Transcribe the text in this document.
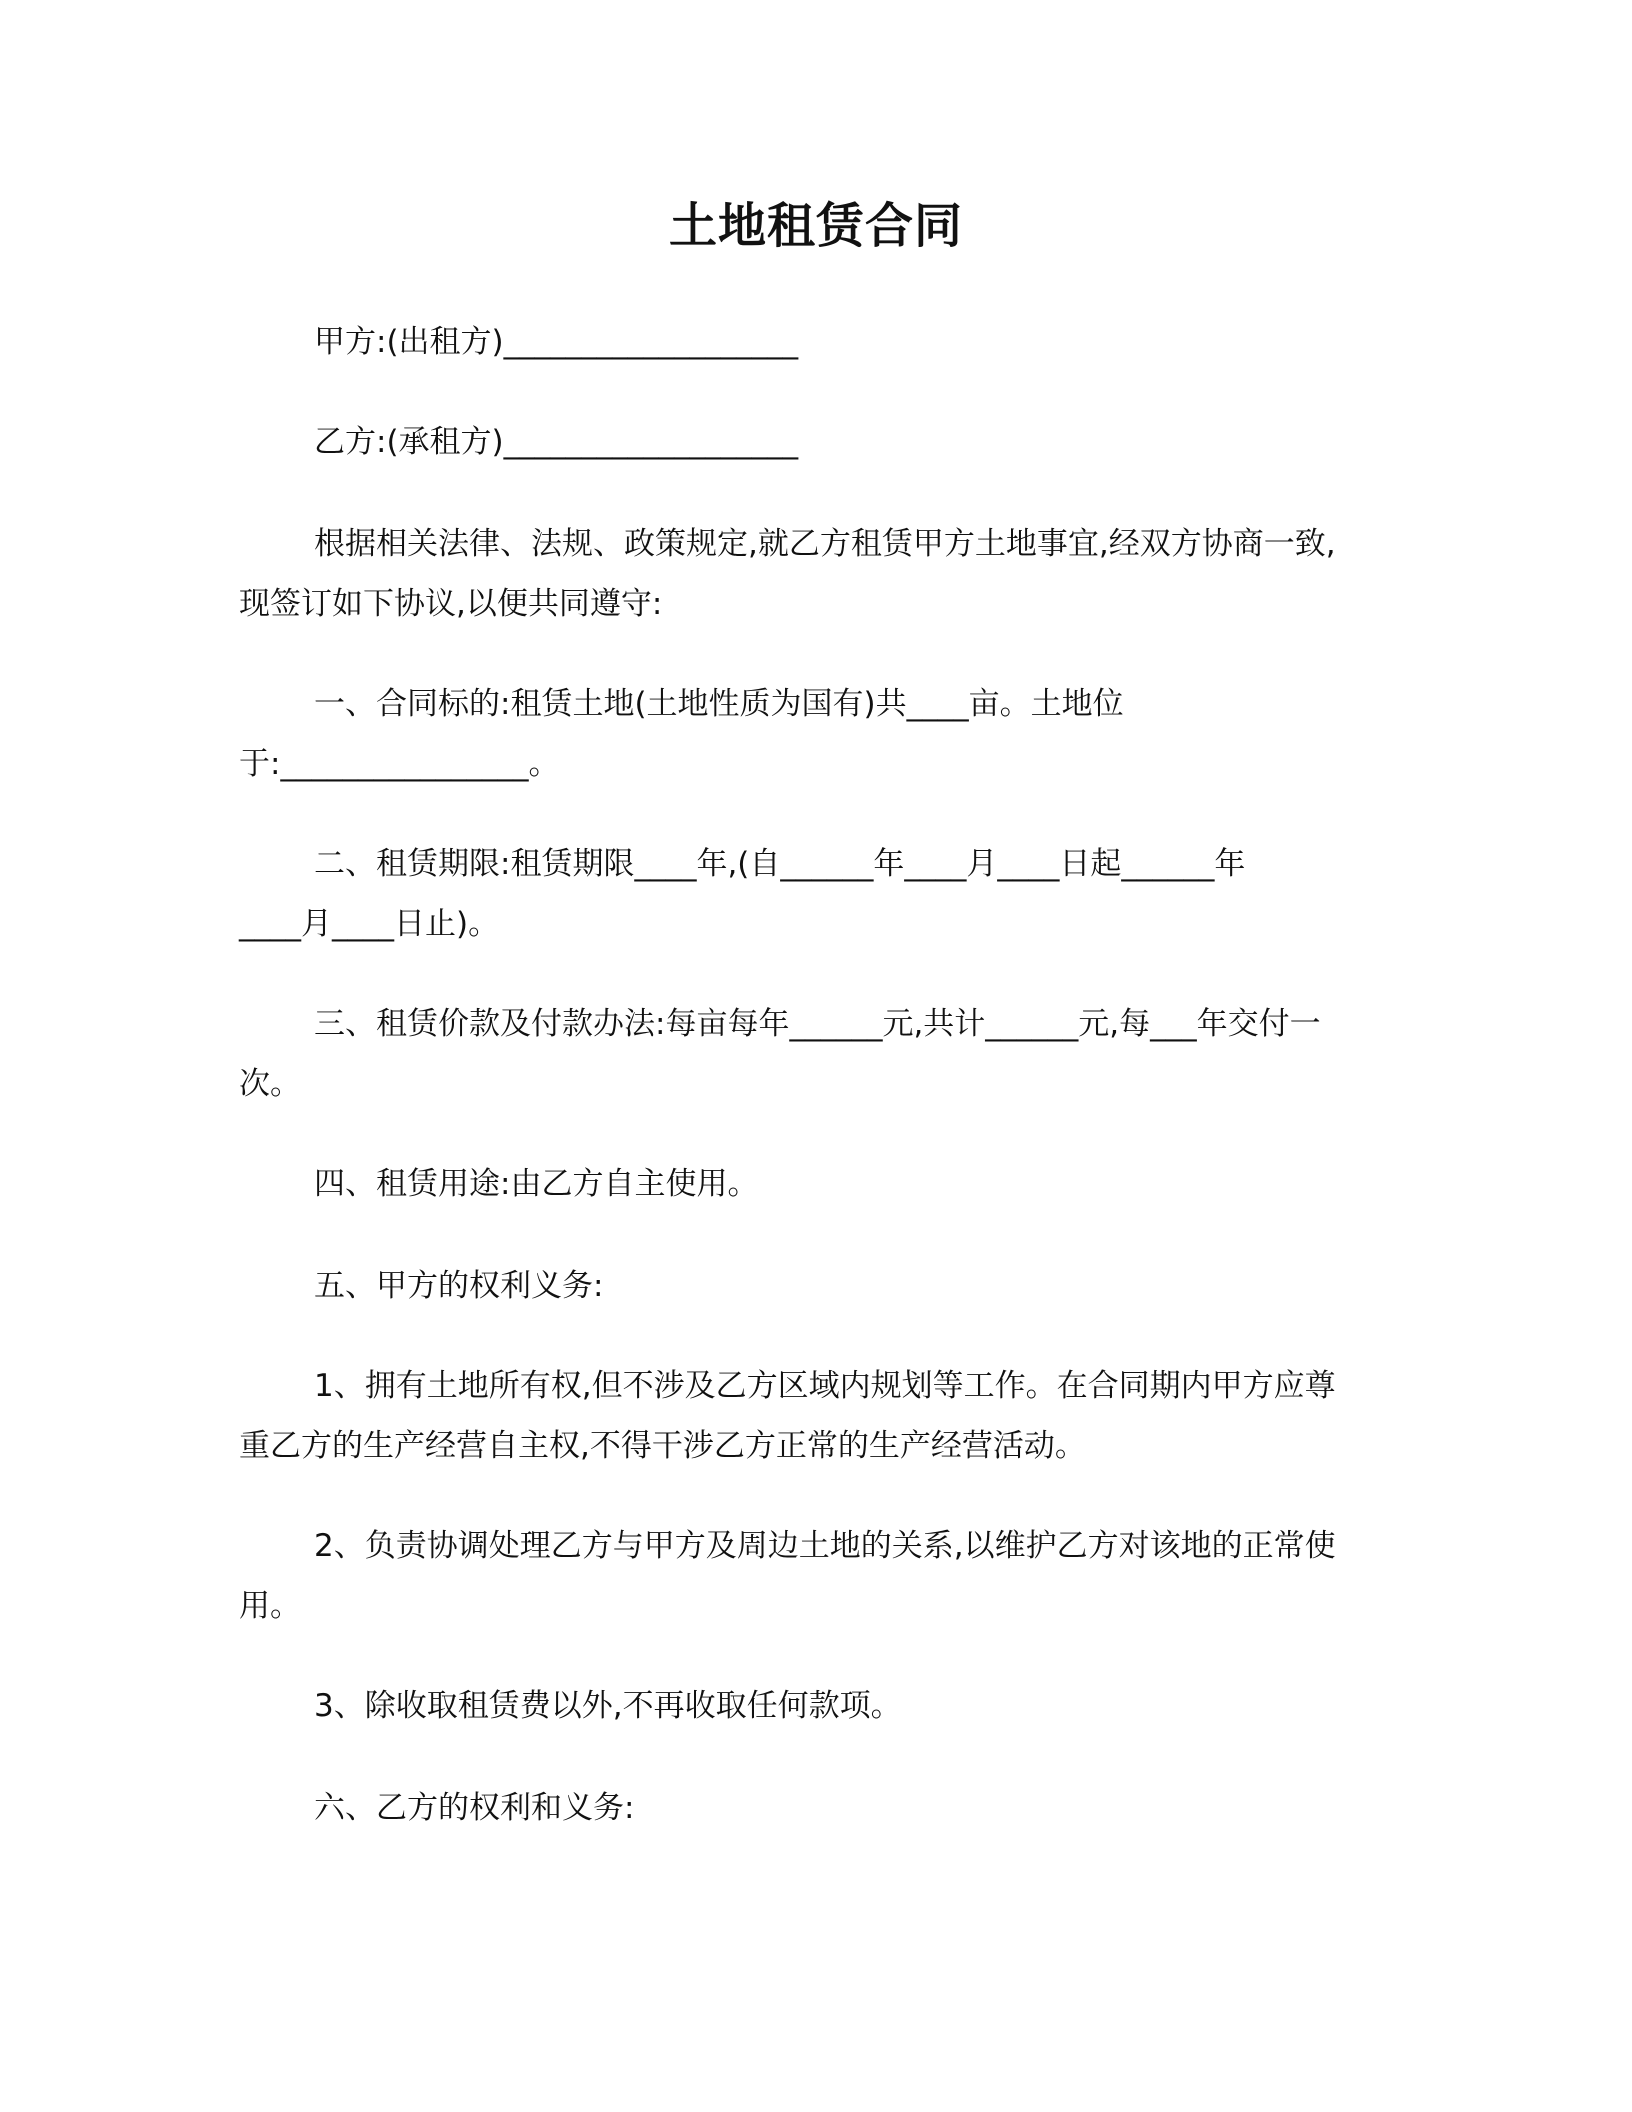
土地租赁合同
甲方:(出租方)___________________
乙方:(承租方)___________________
根据相关法律、法规、政策规定,就乙方租赁甲方土地事宜,经双方协商一致,
现签订如下协议,以便共同遵守:
一、合同标的:租赁土地(土地性质为国有)共____亩。土地位
于:________________。
二、租赁期限:租赁期限____年,(自______年____月____日起______年
____月____日止)。
三、租赁价款及付款办法:每亩每年______元,共计______元,每___年交付一
次。
四、租赁用途:由乙方自主使用。
五、甲方的权利义务:
1、拥有土地所有权,但不涉及乙方区域内规划等工作。在合同期内甲方应尊
重乙方的生产经营自主权,不得干涉乙方正常的生产经营活动。
2、负责协调处理乙方与甲方及周边土地的关系,以维护乙方对该地的正常使
用。
3、除收取租赁费以外,不再收取任何款项。
六、乙方的权利和义务:
